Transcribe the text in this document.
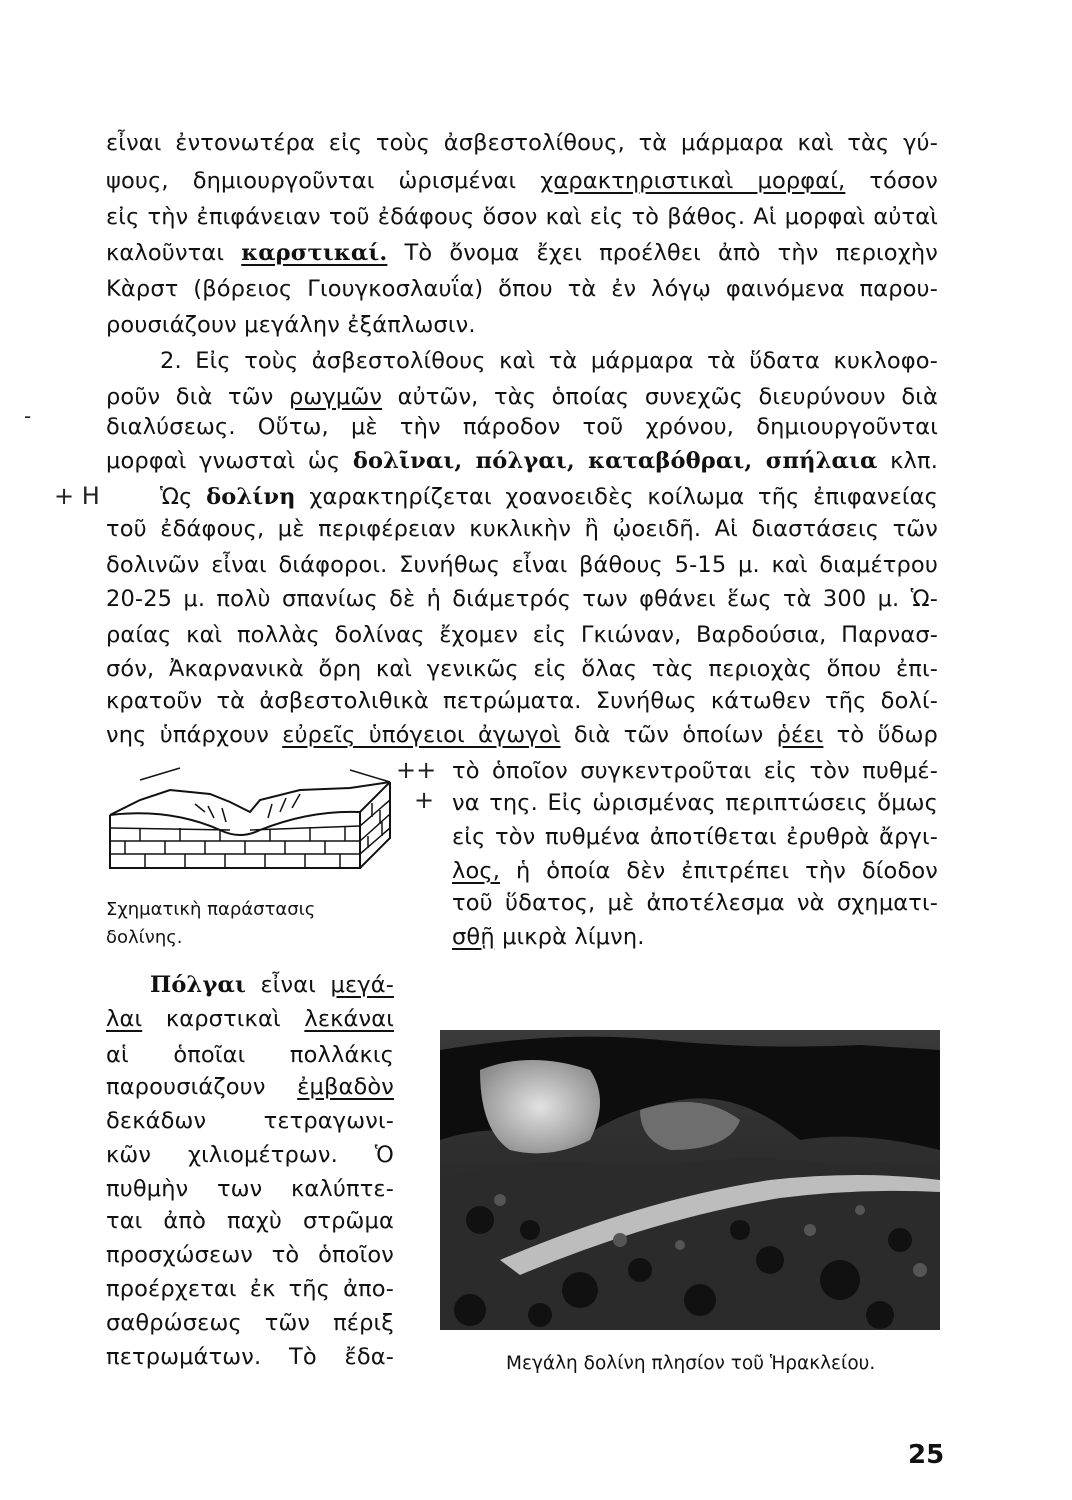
εἶναι ἐντονωτέρα εἰς τοὺς ἀσβεστολίθους, τὰ μάρμαρα καὶ τὰς γύ-
ψους, δημιουργοῦνται ὡρισμέναι χαρακτηριστικαὶ μορφαί, τόσον
εἰς τὴν ἐπιφάνειαν τοῦ ἐδάφους ὅσον καὶ εἰς τὸ βάθος. Αἱ μορφαὶ αὐταὶ
καλοῦνται καρστικαί. Τὸ ὄνομα ἔχει προέλθει ἀπὸ τὴν περιοχὴν
Κὰρστ (βόρειος Γιουγκοσλαυΐα) ὅπου τὰ ἐν λόγῳ φαινόμενα παρου-
ρουσιάζουν μεγάλην ἐξάπλωσιν.
2. Εἰς τοὺς ἀσβεστολίθους καὶ τὰ μάρμαρα τὰ ὕδατα κυκλοφο-
ροῦν διὰ τῶν ρωγμῶν αὐτῶν, τὰς ὁποίας συνεχῶς διευρύνουν διὰ
διαλύσεως. Οὕτω, μὲ τὴν πάροδον τοῦ χρόνου, δημιουργοῦνται
μορφαὶ γνωσταὶ ὡς δολῖναι, πόλγαι, καταβόθραι, σπήλαια κλπ.
‑
+ H	Ὡς δολίνη χαρακτηρίζεται χοανοειδὲς κοίλωμα τῆς ἐπιφανείας
τοῦ ἐδάφους, μὲ περιφέρειαν κυκλικὴν ἢ ᾠοειδῆ. Αἱ διαστάσεις τῶν
δολινῶν εἶναι διάφοροι. Συνήθως εἶναι βάθους 5-15 μ. καὶ διαμέτρου
20-25 μ. πολὺ σπανίως δὲ ἡ διάμετρός των φθάνει ἕως τὰ 300 μ. Ὡ-
ραίας καὶ πολλὰς δολίνας ἔχομεν εἰς Γκιώναν, Βαρδούσια, Παρνασ-
σόν, Ἀκαρνανικὰ ὄρη καὶ γενικῶς εἰς ὅλας τὰς περιοχὰς ὅπου ἐπι-
κρατοῦν τὰ ἀσβεστολιθικὰ πετρώματα. Συνήθως κάτωθεν τῆς δολί-
νης ὑπάρχουν εὐρεῖς ὑπόγειοι ἀγωγοὶ διὰ τῶν ὁποίων ῥέει τὸ ὕδωρ
++
+
τὸ ὁποῖον συγκεντροῦται εἰς τὸν πυθμέ-
να της. Εἰς ὡρισμένας περιπτώσεις ὅμως
εἰς τὸν πυθμένα ἀποτίθεται ἐρυθρὰ ἄργι-
λος, ἡ ὁποία δὲν ἐπιτρέπει τὴν δίοδον
τοῦ ὕδατος, μὲ ἀποτέλεσμα νὰ σχηματι-
σθῇ μικρὰ λίμνη.
Σχηματικὴ παράστασις
δολίνης.
Πόλγαι εἶναι μεγά-
λαι καρστικαὶ λεκάναι
αἱ ὁποῖαι πολλάκις
παρουσιάζουν ἐμβαδὸν
δεκάδων τετραγωνι-
κῶν χιλιομέτρων. Ὁ
πυθμὴν των καλύπτε-
ται ἀπὸ παχὺ στρῶμα
προσχώσεων τὸ ὁποῖον
προέρχεται ἐκ τῆς ἀπο-
σαθρώσεως τῶν πέριξ
πετρωμάτων. Τὸ ἔδα-	Μεγάλη δολίνη πλησίον τοῦ Ἡρακλείου.
25
